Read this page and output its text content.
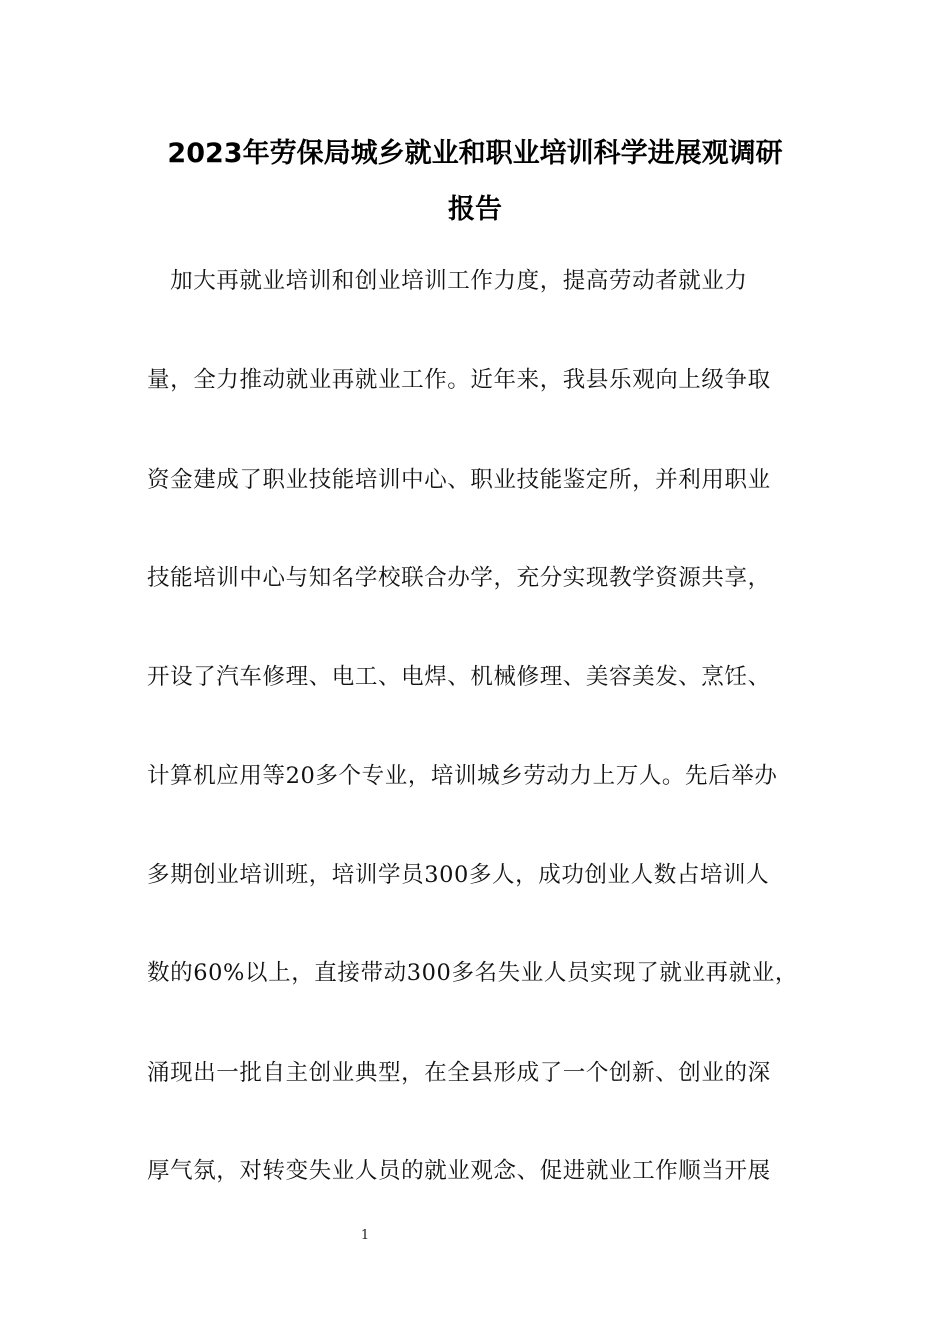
2023年劳保局城乡就业和职业培训科学进展观调研
报告

　加大再就业培训和创业培训工作力度，提高劳动者就业力

量，全力推动就业再就业工作。近年来，我县乐观向上级争取

资金建成了职业技能培训中心、职业技能鉴定所，并利用职业

技能培训中心与知名学校联合办学，充分实现教学资源共享，

开设了汽车修理、电工、电焊、机械修理、美容美发、烹饪、

计算机应用等20多个专业，培训城乡劳动力上万人。先后举办

多期创业培训班，培训学员300多人，成功创业人数占培训人

数的60%以上，直接带动300多名失业人员实现了就业再就业，

涌现出一批自主创业典型，在全县形成了一个创新、创业的深

厚气氛，对转变失业人员的就业观念、促进就业工作顺当开展

1
